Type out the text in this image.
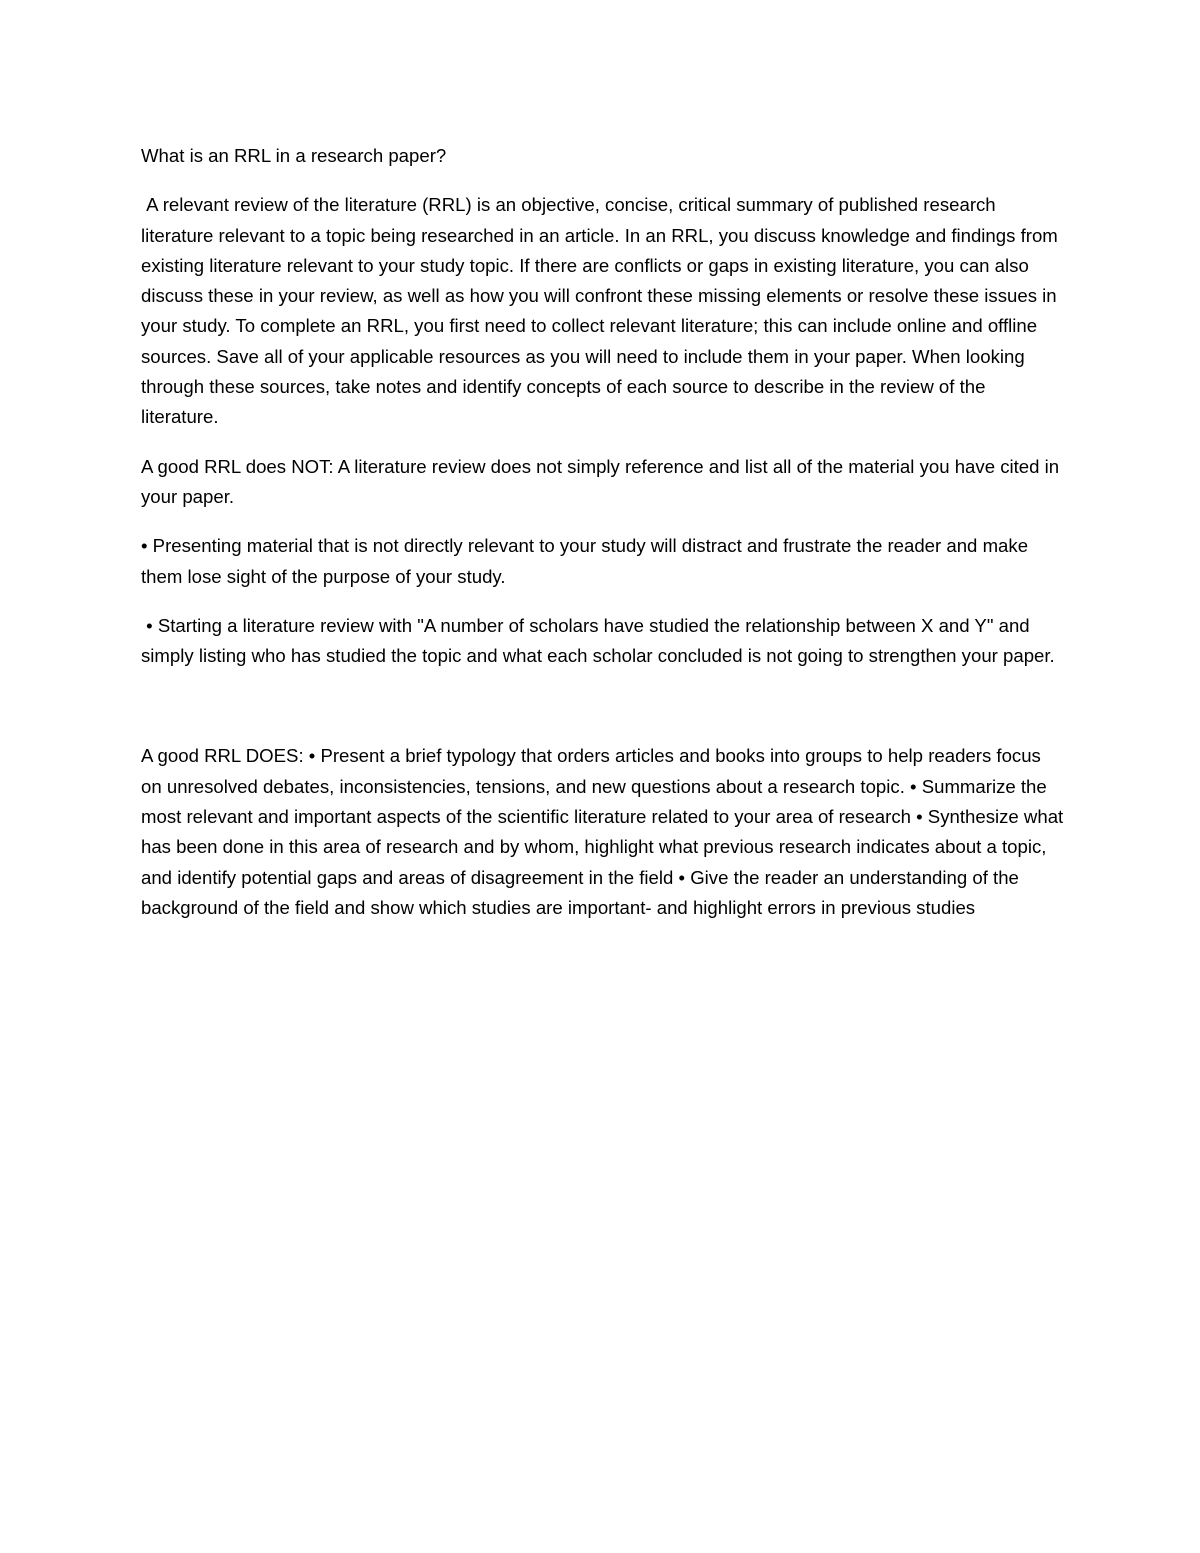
What is an RRL in a research paper?

A relevant review of the literature (RRL) is an objective, concise, critical summary of published research literature relevant to a topic being researched in an article. In an RRL, you discuss knowledge and findings from existing literature relevant to your study topic. If there are conflicts or gaps in existing literature, you can also discuss these in your review, as well as how you will confront these missing elements or resolve these issues in your study. To complete an RRL, you first need to collect relevant literature; this can include online and offline sources. Save all of your applicable resources as you will need to include them in your paper. When looking through these sources, take notes and identify concepts of each source to describe in the review of the literature.

A good RRL does NOT: A literature review does not simply reference and list all of the material you have cited in your paper.

• Presenting material that is not directly relevant to your study will distract and frustrate the reader and make them lose sight of the purpose of your study.

• Starting a literature review with "A number of scholars have studied the relationship between X and Y" and simply listing who has studied the topic and what each scholar concluded is not going to strengthen your paper.

A good RRL DOES: • Present a brief typology that orders articles and books into groups to help readers focus on unresolved debates, inconsistencies, tensions, and new questions about a research topic. • Summarize the most relevant and important aspects of the scientific literature related to your area of research • Synthesize what has been done in this area of research and by whom, highlight what previous research indicates about a topic, and identify potential gaps and areas of disagreement in the field • Give the reader an understanding of the background of the field and show which studies are important- and highlight errors in previous studies
